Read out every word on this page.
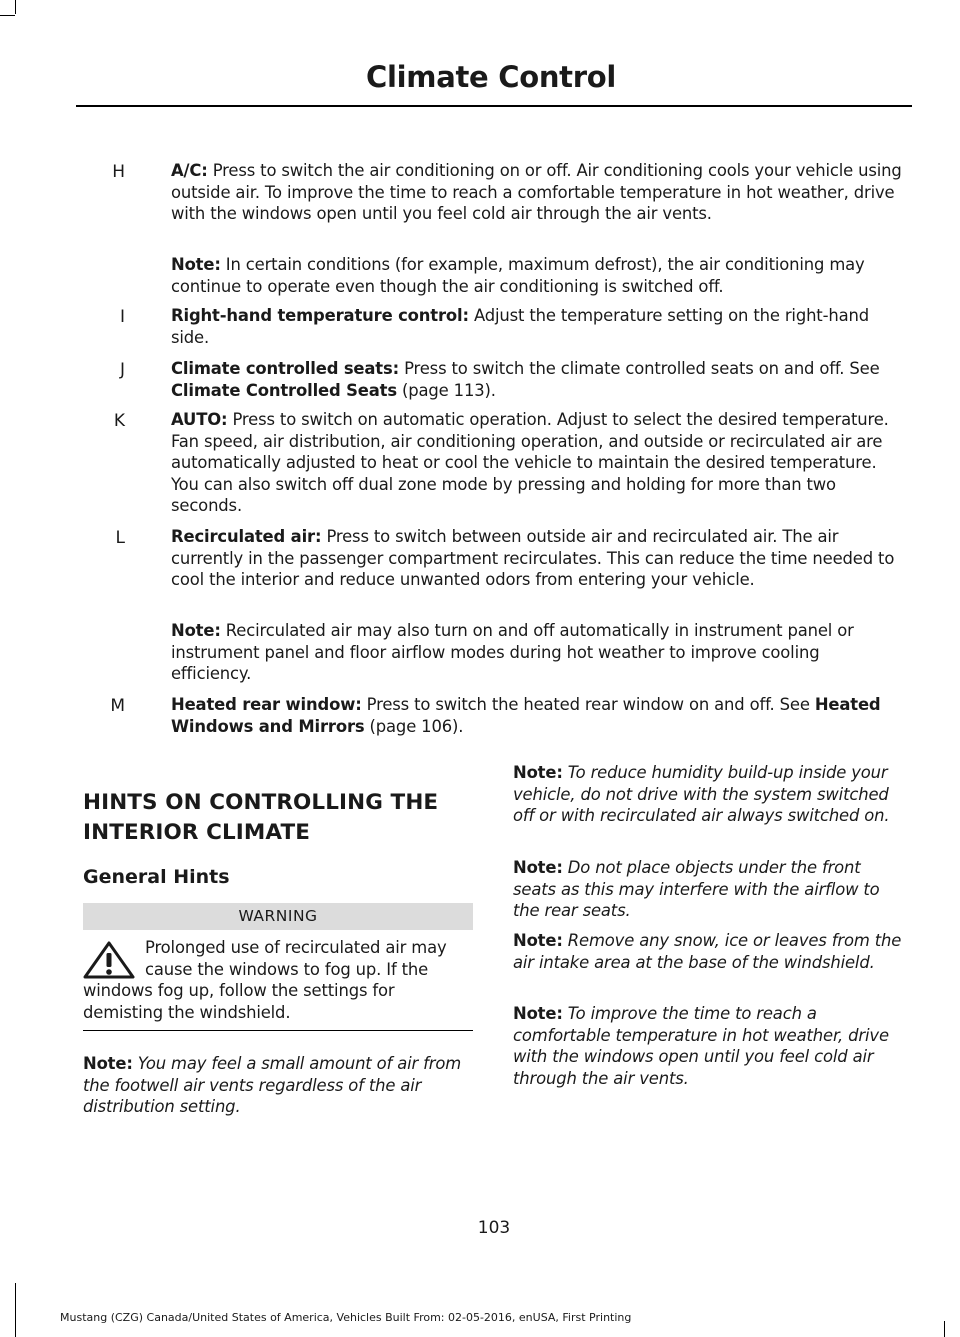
Climate Control
H	A/C: Press to switch the air conditioning on or off. Air conditioning cools your vehicle using outside air. To improve the time to reach a comfortable temperature in hot weather, drive with the windows open until you feel cold air through the air vents.
Note: In certain conditions (for example, maximum defrost), the air conditioning may continue to operate even though the air conditioning is switched off.
I	Right-hand temperature control: Adjust the temperature setting on the right-hand side.
J	Climate controlled seats: Press to switch the climate controlled seats on and off. See Climate Controlled Seats (page 113).
K	AUTO: Press to switch on automatic operation. Adjust to select the desired temperature. Fan speed, air distribution, air conditioning operation, and outside or recirculated air are automatically adjusted to heat or cool the vehicle to maintain the desired temperature. You can also switch off dual zone mode by pressing and holding for more than two seconds.
L	Recirculated air: Press to switch between outside air and recirculated air. The air currently in the passenger compartment recirculates. This can reduce the time needed to cool the interior and reduce unwanted odors from entering your vehicle.
Note: Recirculated air may also turn on and off automatically in instrument panel or instrument panel and floor airflow modes during hot weather to improve cooling efficiency.
M	Heated rear window: Press to switch the heated rear window on and off. See Heated Windows and Mirrors (page 106).
HINTS ON CONTROLLING THE
INTERIOR CLIMATE
General Hints
WARNING
Prolonged use of recirculated air may cause the windows to fog up. If the windows fog up, follow the settings for demisting the windshield.
Note: You may feel a small amount of air from the footwell air vents regardless of the air distribution setting.
Note: To reduce humidity build-up inside your vehicle, do not drive with the system switched off or with recirculated air always switched on.
Note: Do not place objects under the front seats as this may interfere with the airflow to the rear seats.
Note: Remove any snow, ice or leaves from the air intake area at the base of the windshield.
Note: To improve the time to reach a comfortable temperature in hot weather, drive with the windows open until you feel cold air through the air vents.
103
Mustang (CZG) Canada/United States of America, Vehicles Built From: 02-05-2016, enUSA, First Printing
